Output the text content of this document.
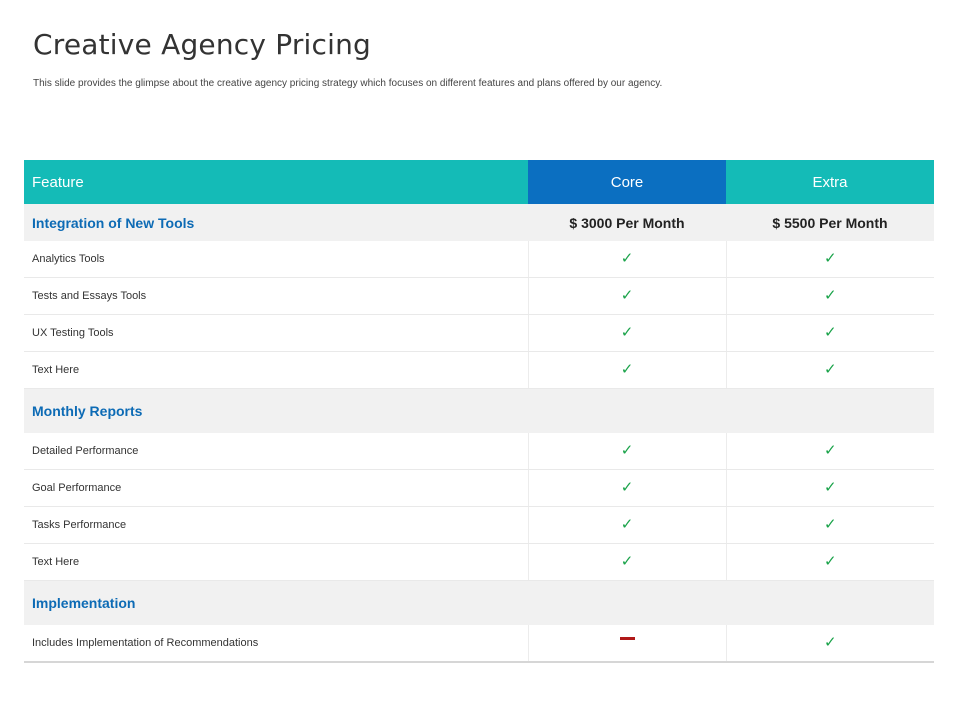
Creative Agency Pricing

This slide provides the glimpse about the creative agency pricing strategy which focuses on different features and plans offered by our agency.

Feature	Core	Extra
Integration of New Tools	$ 3000 Per Month	$ 5500 Per Month
Analytics Tools	✓	✓
Tests and Essays Tools	✓	✓
UX Testing Tools	✓	✓
Text Here	✓	✓
Monthly Reports		
Detailed Performance	✓	✓
Goal Performance	✓	✓
Tasks Performance	✓	✓
Text Here	✓	✓
Implementation		
Includes Implementation of Recommendations		✓
